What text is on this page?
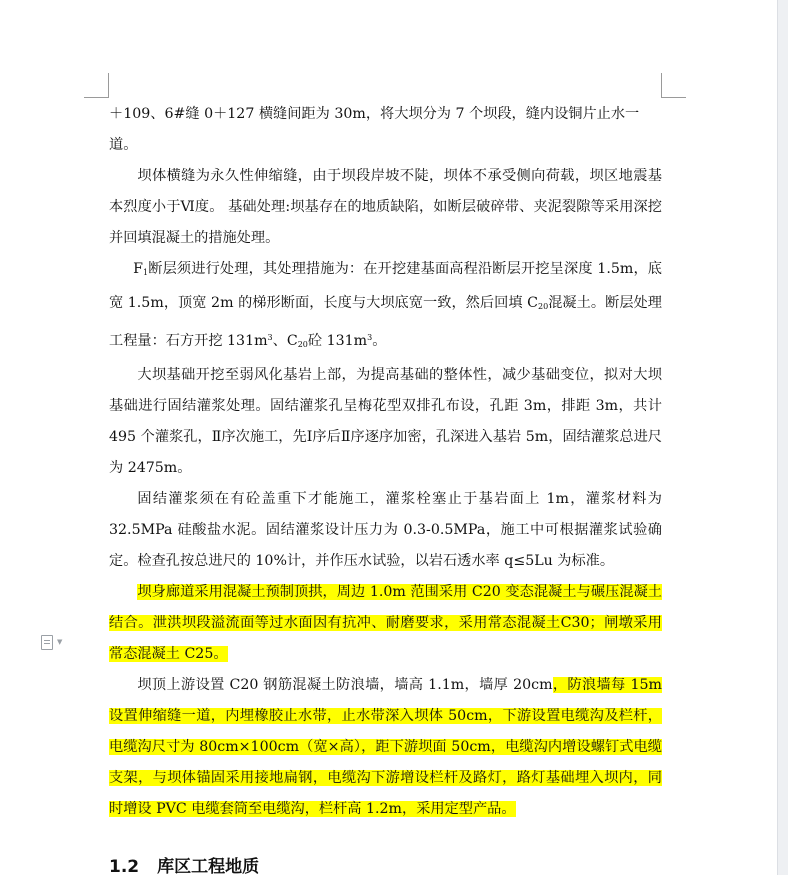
▼

＋109、6#缝 0＋127 横缝间距为 30m，将大坝分为 7 个坝段，缝内设铜片止水一
道。

坝体横缝为永久性伸缩缝，由于坝段岸坡不陡，坝体不承受侧向荷载，坝区地震基本烈度小于Ⅵ度。 基础处理:坝基存在的地质缺陷，如断层破碎带、夹泥裂隙等采用深挖并回填混凝土的措施处理。

$F_1$断层须进行处理，其处理措施为：在开挖建基面高程沿断层开挖呈深度 1.5m，底宽 1.5m，顶宽 2m 的梯形断面，长度与大坝底宽一致，然后回填 $C_{20}$混凝土。断层处理工程量：石方开挖 $131m^3$、$C_{20}$砼 $131m^3$。

大坝基础开挖至弱风化基岩上部，为提高基础的整体性，减少基础变位，拟对大坝基础进行固结灌浆处理。固结灌浆孔呈梅花型双排孔布设，孔距 3m，排距 3m，共计 495 个灌浆孔，Ⅱ序次施工，先Ⅰ序后Ⅱ序逐序加密，孔深进入基岩 5m，固结灌浆总进尺为 2475m。

固结灌浆须在有砼盖重下才能施工，灌浆栓塞止于基岩面上 1m，灌浆材料为 32.5MPa 硅酸盐水泥。固结灌浆设计压力为 0.3-0.5MPa，施工中可根据灌浆试验确定。检查孔按总进尺的 10%计，并作压水试验，以岩石透水率 q≤5Lu 为标准。

坝身廊道采用混凝土预制顶拱，周边 1.0m 范围采用 C20 变态混凝土与碾压混凝土结合。泄洪坝段溢流面等过水面因有抗冲、耐磨要求，采用常态混凝土C30；闸墩采用常态混凝土 C25。

坝顶上游设置 C20 钢筋混凝土防浪墙，墙高 1.1m，墙厚 20cm，防浪墙每 15m 设置伸缩缝一道，内埋橡胶止水带，止水带深入坝体 50cm，下游设置电缆沟及栏杆，电缆沟尺寸为 80cm×100cm（宽×高），距下游坝面 50cm，电缆沟内增设螺钉式电缆支架，与坝体锚固采用接地扁钢，电缆沟下游增设栏杆及路灯，路灯基础埋入坝内，同时增设 PVC 电缆套筒至电缆沟，栏杆高 1.2m，采用定型产品。

1.2 库区工程地质
